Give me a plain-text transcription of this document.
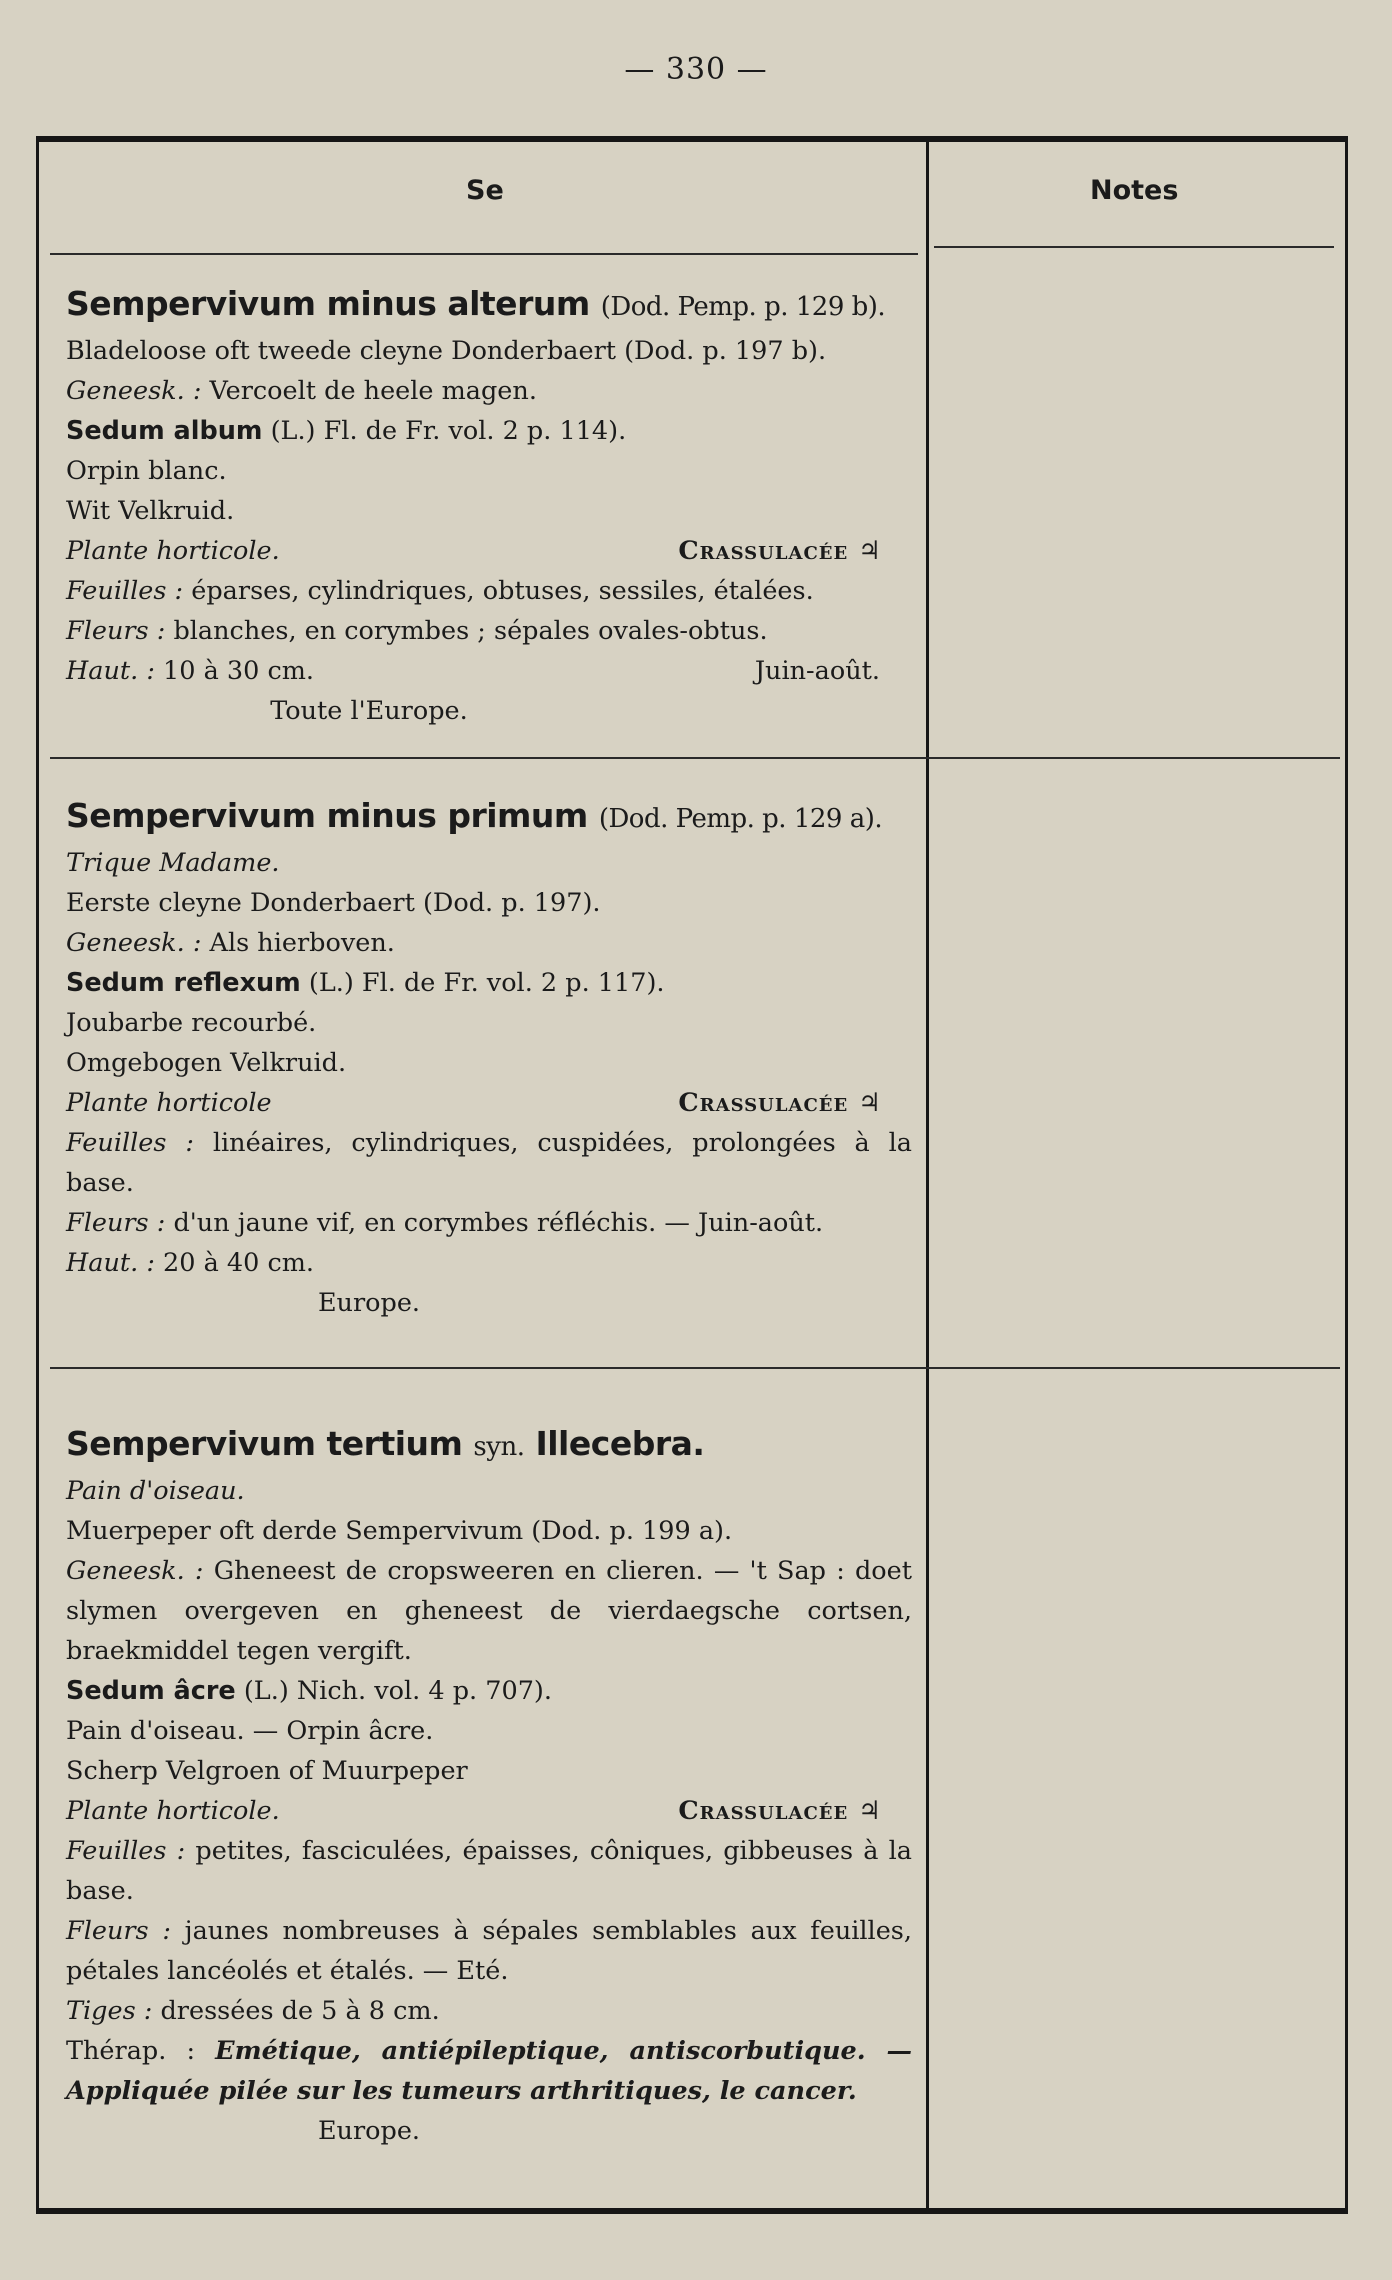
— 330 —
Se	Notes
Sempervivum minus alterum (Dod. Pemp. p. 129 b).
Bladeloose oft tweede cleyne Donderbaert (Dod. p. 197 b).
Geneesk. : Vercoelt de heele magen.
Sedum album (L.) Fl. de Fr. vol. 2 p. 114).
Orpin blanc.
Wit Velkruid.
Plante horticole.	Crassulacée ♃
Feuilles : éparses, cylindriques, obtuses, sessiles, étalées.
Fleurs : blanches, en corymbes ; sépales ovales-obtus.
Haut. : 10 à 30 cm.	Juin-août.
Toute l'Europe.
Sempervivum minus primum (Dod. Pemp. p. 129 a).
Trique Madame.
Eerste cleyne Donderbaert (Dod. p. 197).
Geneesk. : Als hierboven.
Sedum reflexum (L.) Fl. de Fr. vol. 2 p. 117).
Joubarbe recourbé.
Omgebogen Velkruid.
Plante horticole	Crassulacée ♃
Feuilles : linéaires, cylindriques, cuspidées, prolongées à la base.
Fleurs : d'un jaune vif, en corymbes réfléchis. — Juin-août.
Haut. : 20 à 40 cm.
Europe.
Sempervivum tertium syn. Illecebra.
Pain d'oiseau.
Muerpeper oft derde Sempervivum (Dod. p. 199 a).
Geneesk. : Gheneest de cropsweeren en clieren. — 't Sap : doet slymen overgeven en gheneest de vierdaegsche cortsen, braekmiddel tegen vergift.
Sedum âcre (L.) Nich. vol. 4 p. 707).
Pain d'oiseau. — Orpin âcre.
Scherp Velgroen of Muurpeper
Plante horticole.	Crassulacée ♃
Feuilles : petites, fasciculées, épaisses, côniques, gibbeuses à la base.
Fleurs : jaunes nombreuses à sépales semblables aux feuilles, pétales lancéolés et étalés. — Eté.
Tiges : dressées de 5 à 8 cm.
Thérap. : Emétique, antiépileptique, antiscorbutique. — Appliquée pilée sur les tumeurs arthritiques, le cancer.
Europe.
